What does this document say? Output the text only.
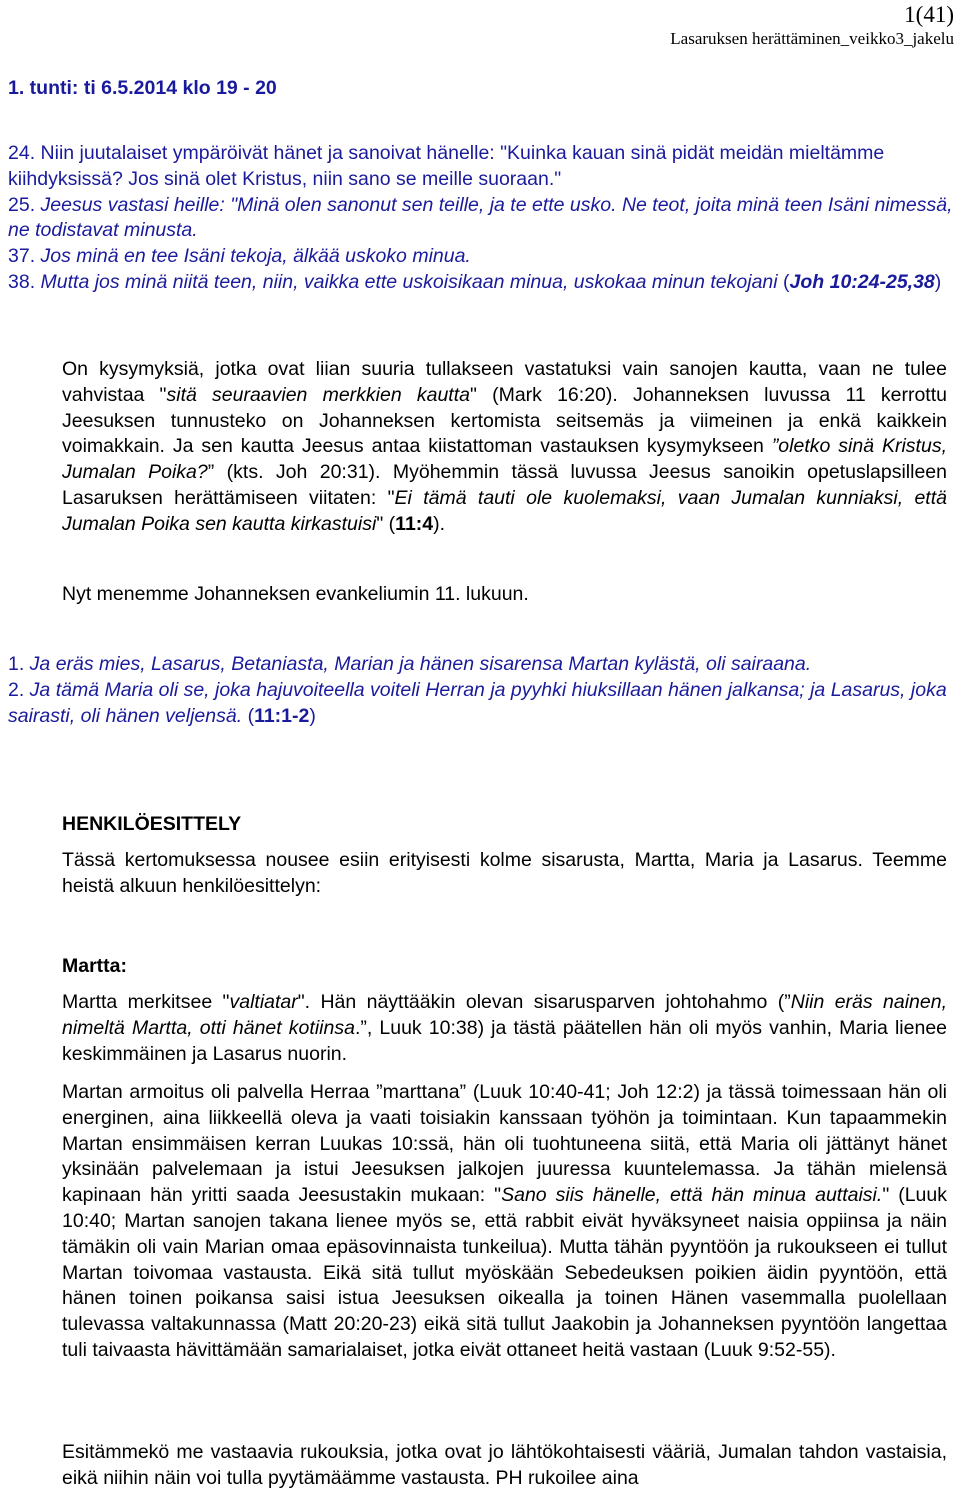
1(41)
Lasaruksen herättäminen_veikko3_jakelu
1. tunti: ti 6.5.2014 klo 19 - 20

24. Niin juutalaiset ympäröivät hänet ja sanoivat hänelle: "Kuinka kauan sinä pidät meidän mieltämme kiihdyksissä? Jos sinä olet Kristus, niin sano se meille suoraan."

25. Jeesus vastasi heille: "Minä olen sanonut sen teille, ja te ette usko. Ne teot, joita minä teen Isäni nimessä, ne todistavat minusta.

37. Jos minä en tee Isäni tekoja, älkää uskoko minua.

38. Mutta jos minä niitä teen, niin, vaikka ette uskoisikaan minua, uskokaa minun tekojani (Joh 10:24-25,38)

On kysymyksiä, jotka ovat liian suuria tullakseen vastatuksi vain sanojen kautta, vaan ne tulee vahvistaa "sitä seuraavien merkkien kautta" (Mark 16:20). Johanneksen luvussa 11 kerrottu Jeesuksen tunnusteko on Johanneksen kertomista seitsemäs ja viimeinen ja enkä kaikkein voimakkain. Ja sen kautta Jeesus antaa kiistattoman vastauksen kysymykseen ”oletko sinä Kristus, Jumalan Poika?” (kts. Joh 20:31). Myöhemmin tässä luvussa Jeesus sanoikin opetuslapsilleen Lasaruksen herättämiseen viitaten: "Ei tämä tauti ole kuolemaksi, vaan Jumalan kunniaksi, että Jumalan Poika sen kautta kirkastuisi" (11:4).

Nyt menemme Johanneksen evankeliumin 11. lukuun.

1. Ja eräs mies, Lasarus, Betaniasta, Marian ja hänen sisarensa Martan kylästä, oli sairaana.

2. Ja tämä Maria oli se, joka hajuvoiteella voiteli Herran ja pyyhki hiuksillaan hänen jalkansa; ja Lasarus, joka sairasti, oli hänen veljensä. (11:1-2)

HENKILÖESITTELY

Tässä kertomuksessa nousee esiin erityisesti kolme sisarusta, Martta, Maria ja Lasarus. Teemme heistä alkuun henkilöesittelyn:

Martta:

Martta merkitsee "valtiatar". Hän näyttääkin olevan sisarusparven johtohahmo (”Niin eräs nainen, nimeltä Martta, otti hänet kotiinsa.”, Luuk 10:38) ja tästä päätellen hän oli myös vanhin, Maria lienee keskimmäinen ja Lasarus nuorin.

Martan armoitus oli palvella Herraa ”marttana” (Luuk 10:40-41; Joh 12:2) ja tässä toimessaan hän oli energinen, aina liikkeellä oleva ja vaati toisiakin kanssaan työhön ja toimintaan. Kun tapaammekin Martan ensimmäisen kerran Luukas 10:ssä, hän oli tuohtuneena siitä, että Maria oli jättänyt hänet yksinään palvelemaan ja istui Jeesuksen jalkojen juuressa kuuntelemassa. Ja tähän mielensä kapinaan hän yritti saada Jeesustakin mukaan: "Sano siis hänelle, että hän minua auttaisi." (Luuk 10:40; Martan sanojen takana lienee myös se, että rabbit eivät hyväksyneet naisia oppiinsa ja näin tämäkin oli vain Marian omaa epäsovinnaista tunkeilua). Mutta tähän pyyntöön ja rukoukseen ei tullut Martan toivomaa vastausta. Eikä sitä tullut myöskään Sebedeuksen poikien äidin pyyntöön, että hänen toinen poikansa saisi istua Jeesuksen oikealla ja toinen Hänen vasemmalla puolellaan tulevassa valtakunnassa (Matt 20:20-23) eikä sitä tullut Jaakobin ja Johanneksen pyyntöön langettaa tuli taivaasta hävittämään samarialaiset, jotka eivät ottaneet heitä vastaan (Luuk 9:52-55).

Esitämmekö me vastaavia rukouksia, jotka ovat jo lähtökohtaisesti vääriä, Jumalan tahdon vastaisia, eikä niihin näin voi tulla pyytämäämme vastausta. PH rukoilee aina
